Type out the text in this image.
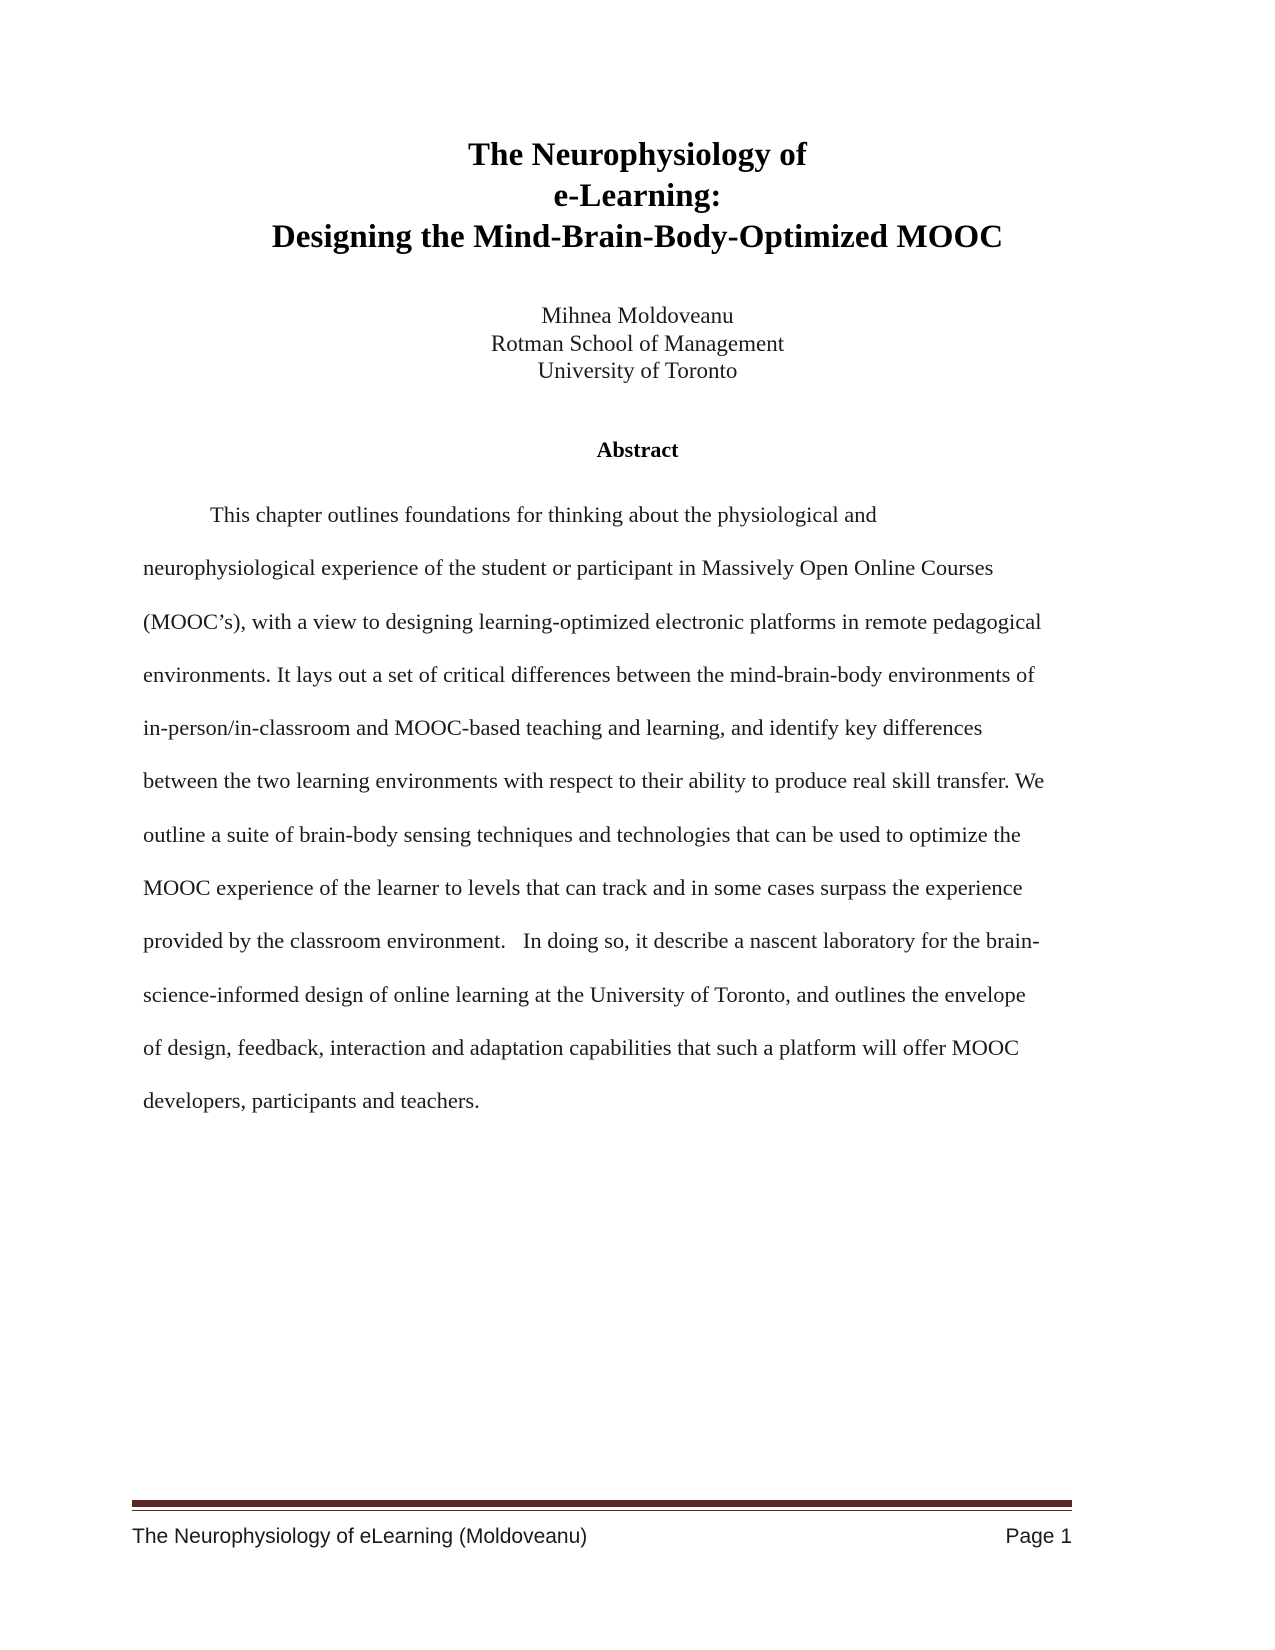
The Neurophysiology of
e-Learning:
Designing the Mind-Brain-Body-Optimized MOOC
Mihnea Moldoveanu
Rotman School of Management
University of Toronto
Abstract
This chapter outlines foundations for thinking about the physiological and
neurophysiological experience of the student or participant in Massively Open Online Courses
(MOOC’s), with a view to designing learning-optimized electronic platforms in remote pedagogical
environments. It lays out a set of critical differences between the mind-brain-body environments of
in-person/in-classroom and MOOC-based teaching and learning, and identify key differences
between the two learning environments with respect to their ability to produce real skill transfer. We
outline a suite of brain-body sensing techniques and technologies that can be used to optimize the
MOOC experience of the learner to levels that can track and in some cases surpass the experience
provided by the classroom environment.   In doing so, it describe a nascent laboratory for the brain-
science-informed design of online learning at the University of Toronto, and outlines the envelope
of design, feedback, interaction and adaptation capabilities that such a platform will offer MOOC
developers, participants and teachers.
The Neurophysiology of eLearning (Moldoveanu)	Page 1
